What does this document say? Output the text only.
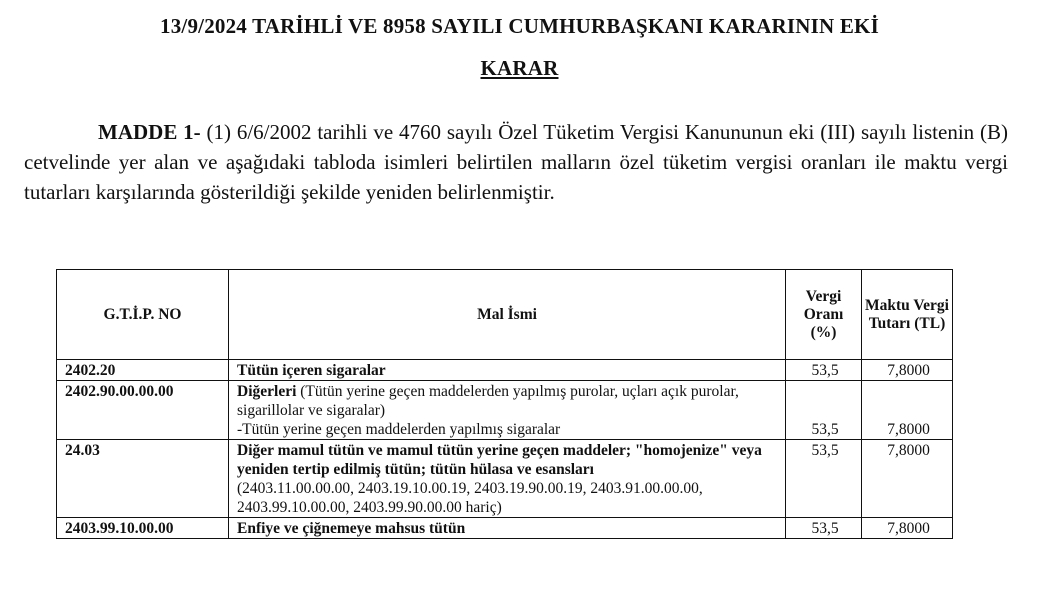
13/9/2024 TARİHLİ VE 8958 SAYILI CUMHURBAŞKANI KARARININ EKİ
KARAR
MADDE 1- (1) 6/6/2002 tarihli ve 4760 sayılı Özel Tüketim Vergisi Kanununun eki (III) sayılı listenin (B) cetvelinde yer alan ve aşağıdaki tabloda isimleri belirtilen malların özel tüketim vergisi oranları ile maktu vergi tutarları karşılarında gösterildiği şekilde yeniden belirlenmiştir.
G.T.İ.P. NO	Mal İsmi	Vergi Oranı (%)	Maktu Vergi Tutarı (TL)
2402.20	Tütün içeren sigaralar	53,5	7,8000
2402.90.00.00.00	Diğerleri (Tütün yerine geçen maddelerden yapılmış purolar, uçları açık purolar, sigarillolar ve sigaralar)
-Tütün yerine geçen maddelerden yapılmış sigaralar	53,5	7,8000
24.03	Diğer mamul tütün ve mamul tütün yerine geçen maddeler; "homojenize" veya yeniden tertip edilmiş tütün; tütün hülasa ve esansları
(2403.11.00.00.00, 2403.19.10.00.19, 2403.19.90.00.19, 2403.91.00.00.00, 2403.99.10.00.00, 2403.99.90.00.00 hariç)	53,5	7,8000
2403.99.10.00.00	Enfiye ve çiğnemeye mahsus tütün	53,5	7,8000
